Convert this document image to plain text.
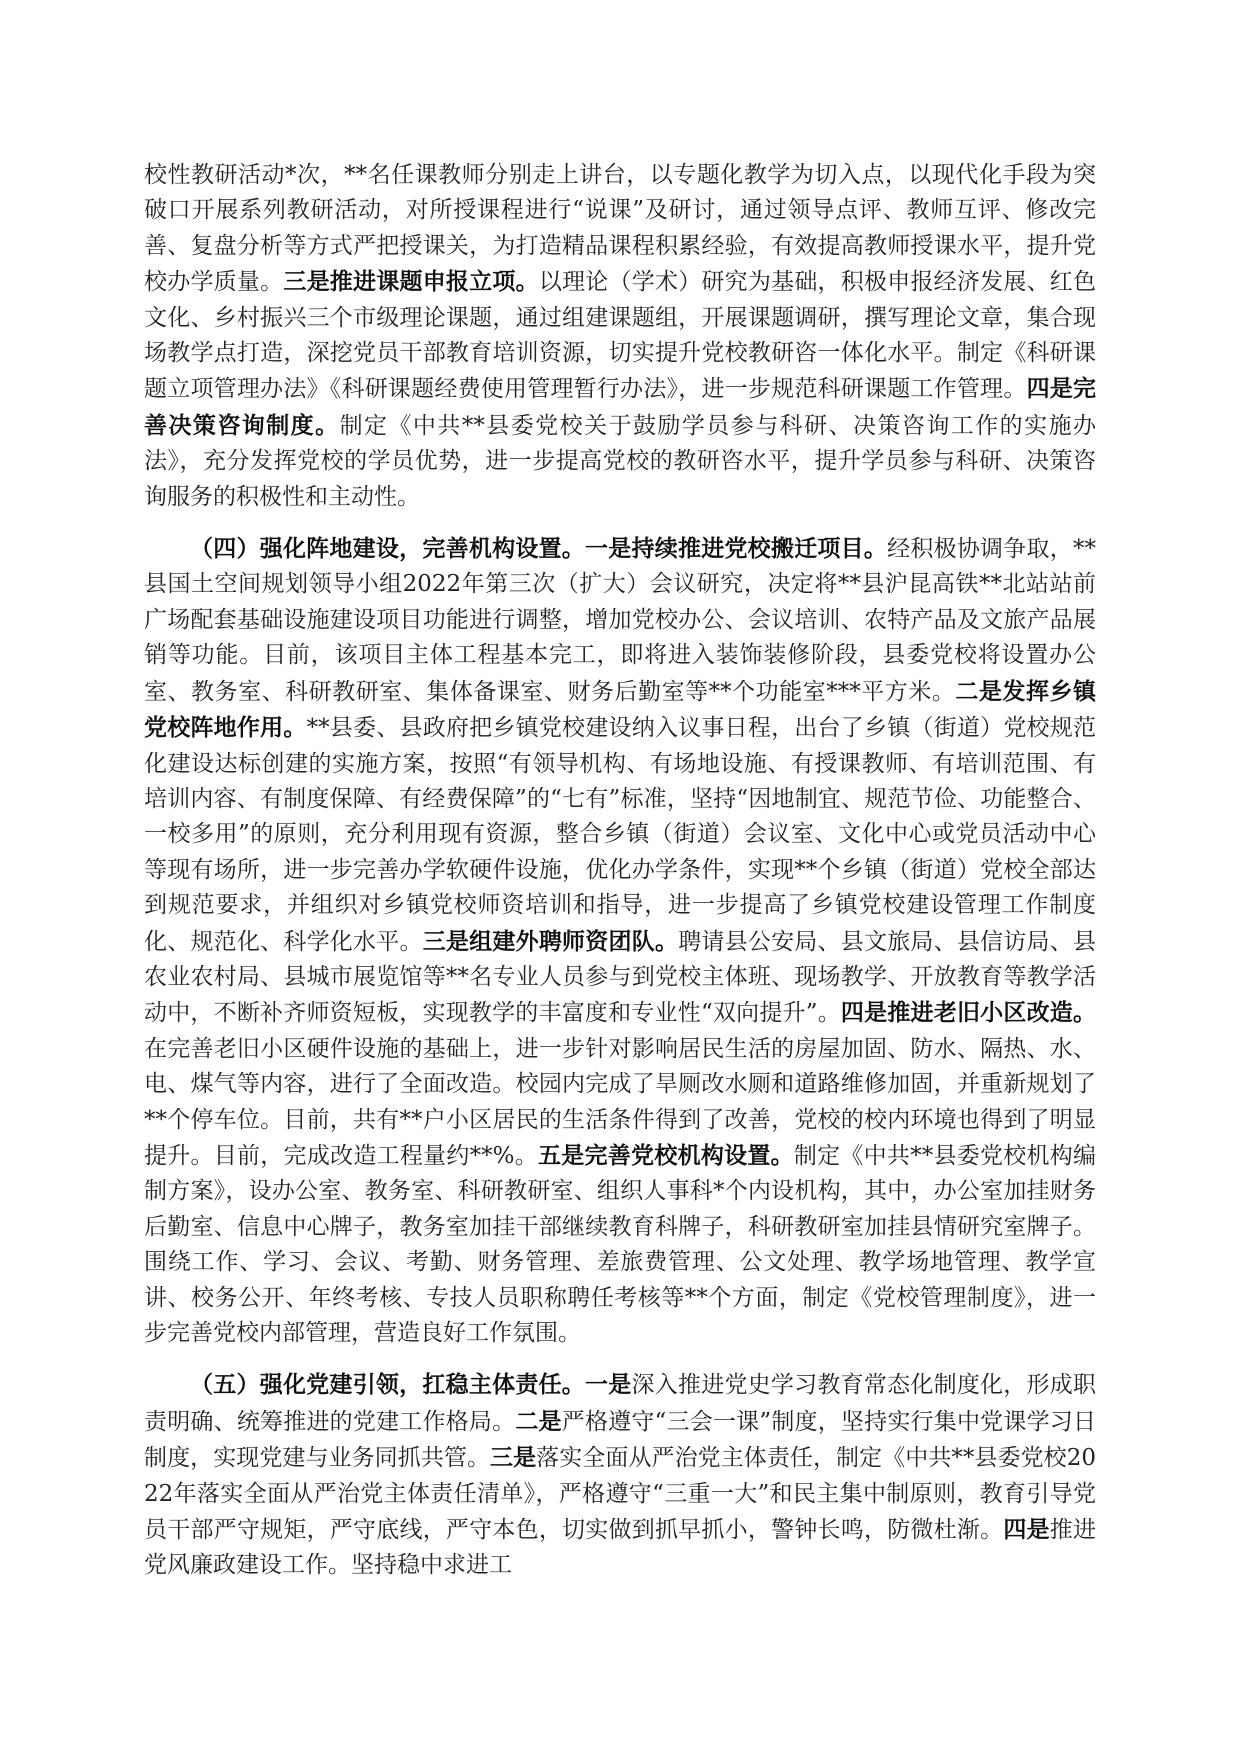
校性教研活动*次，**名任课教师分别走上讲台，以专题化教学为切入点，以现代化手段为突破口开展系列教研活动，对所授课程进行“说课”及研讨，通过领导点评、教师互评、修改完善、复盘分析等方式严把授课关，为打造精品课程积累经验，有效提高教师授课水平，提升党校办学质量。三是推进课题申报立项。以理论（学术）研究为基础，积极申报经济发展、红色文化、乡村振兴三个市级理论课题，通过组建课题组，开展课题调研，撰写理论文章，集合现场教学点打造，深挖党员干部教育培训资源，切实提升党校教研咨一体化水平。制定《科研课题立项管理办法》《科研课题经费使用管理暂行办法》，进一步规范科研课题工作管理。四是完善决策咨询制度。制定《中共**县委党校关于鼓励学员参与科研、决策咨询工作的实施办法》，充分发挥党校的学员优势，进一步提高党校的教研咨水平，提升学员参与科研、决策咨询服务的积极性和主动性。

（四）强化阵地建设，完善机构设置。一是持续推进党校搬迁项目。经积极协调争取，**县国土空间规划领导小组2022年第三次（扩大）会议研究，决定将**县沪昆高铁**北站站前广场配套基础设施建设项目功能进行调整，增加党校办公、会议培训、农特产品及文旅产品展销等功能。目前，该项目主体工程基本完工，即将进入装饰装修阶段，县委党校将设置办公室、教务室、科研教研室、集体备课室、财务后勤室等**个功能室***平方米。二是发挥乡镇党校阵地作用。**县委、县政府把乡镇党校建设纳入议事日程，出台了乡镇（街道）党校规范化建设达标创建的实施方案，按照“有领导机构、有场地设施、有授课教师、有培训范围、有培训内容、有制度保障、有经费保障”的“七有”标准，坚持“因地制宜、规范节俭、功能整合、一校多用”的原则，充分利用现有资源，整合乡镇（街道）会议室、文化中心或党员活动中心等现有场所，进一步完善办学软硬件设施，优化办学条件，实现**个乡镇（街道）党校全部达到规范要求，并组织对乡镇党校师资培训和指导，进一步提高了乡镇党校建设管理工作制度化、规范化、科学化水平。三是组建外聘师资团队。聘请县公安局、县文旅局、县信访局、县农业农村局、县城市展览馆等**名专业人员参与到党校主体班、现场教学、开放教育等教学活动中，不断补齐师资短板，实现教学的丰富度和专业性“双向提升”。四是推进老旧小区改造。在完善老旧小区硬件设施的基础上，进一步针对影响居民生活的房屋加固、防水、隔热、水、电、煤气等内容，进行了全面改造。校园内完成了旱厕改水厕和道路维修加固，并重新规划了**个停车位。目前，共有**户小区居民的生活条件得到了改善，党校的校内环境也得到了明显提升。目前，完成改造工程量约**%。五是完善党校机构设置。制定《中共**县委党校机构编制方案》，设办公室、教务室、科研教研室、组织人事科*个内设机构，其中，办公室加挂财务后勤室、信息中心牌子，教务室加挂干部继续教育科牌子，科研教研室加挂县情研究室牌子。围绕工作、学习、会议、考勤、财务管理、差旅费管理、公文处理、教学场地管理、教学宣讲、校务公开、年终考核、专技人员职称聘任考核等**个方面，制定《党校管理制度》，进一步完善党校内部管理，营造良好工作氛围。

（五）强化党建引领，扛稳主体责任。一是深入推进党史学习教育常态化制度化，形成职责明确、统筹推进的党建工作格局。二是严格遵守“三会一课”制度，坚持实行集中党课学习日制度，实现党建与业务同抓共管。三是落实全面从严治党主体责任，制定《中共**县委党校2022年落实全面从严治党主体责任清单》，严格遵守“三重一大”和民主集中制原则，教育引导党员干部严守规矩，严守底线，严守本色，切实做到抓早抓小，警钟长鸣，防微杜渐。四是推进党风廉政建设工作。坚持稳中求进工
